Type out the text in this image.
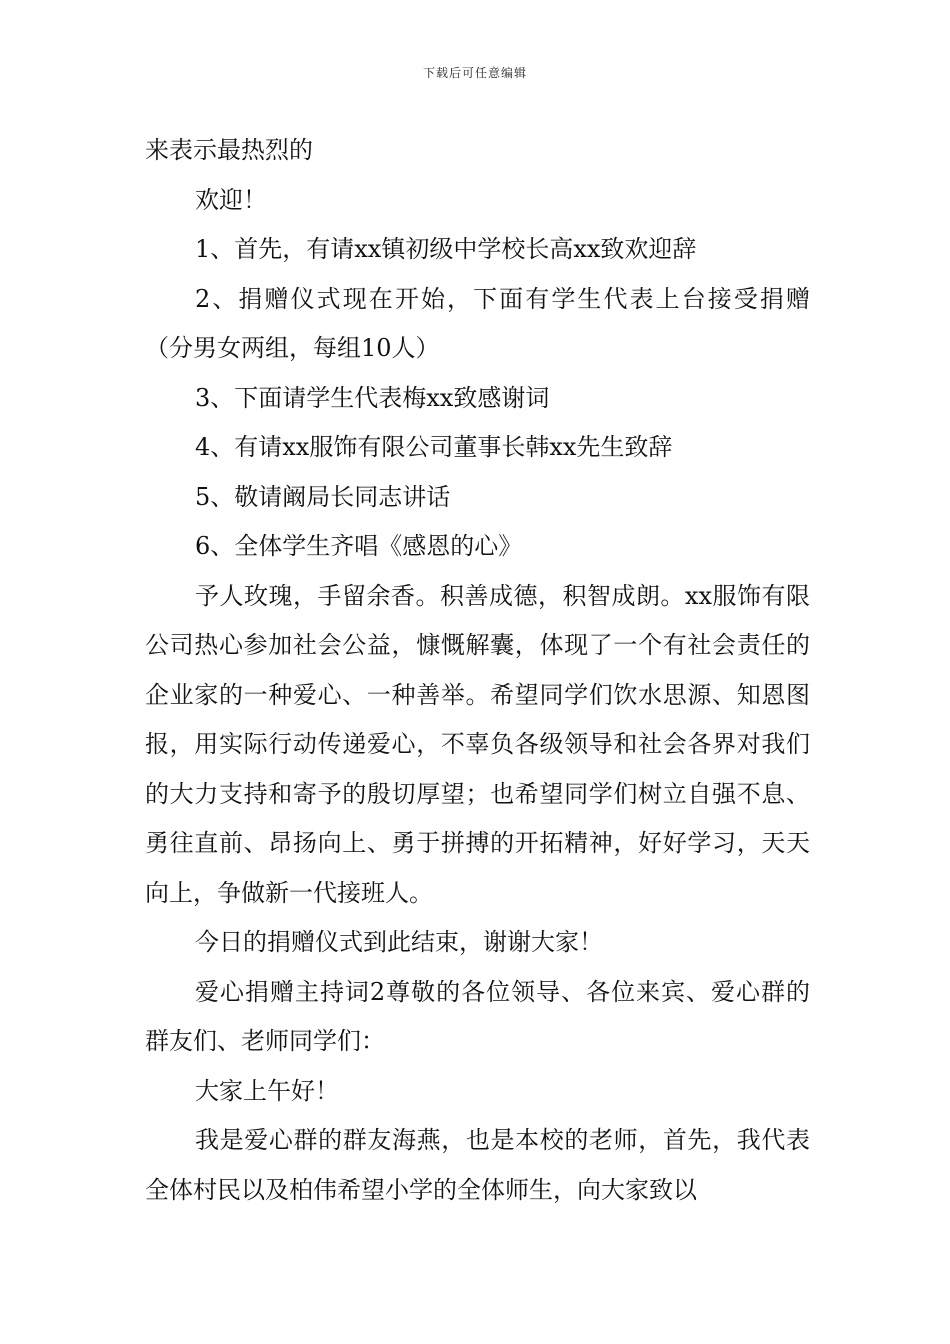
下载后可任意编辑

来表示最热烈的

欢迎！

1、首先，有请xx镇初级中学校长高xx致欢迎辞

2、捐赠仪式现在开始，下面有学生代表上台接受捐赠（分男女两组，每组10人）

3、下面请学生代表梅xx致感谢词

4、有请xx服饰有限公司董事长韩xx先生致辞

5、敬请阚局长同志讲话

6、全体学生齐唱《感恩的心》

予人玫瑰，手留余香。积善成德，积智成朗。xx服饰有限公司热心参加社会公益，慷慨解囊，体现了一个有社会责任的企业家的一种爱心、一种善举。希望同学们饮水思源、知恩图报，用实际行动传递爱心，不辜负各级领导和社会各界对我们的大力支持和寄予的殷切厚望；也希望同学们树立自强不息、勇往直前、昂扬向上、勇于拼搏的开拓精神，好好学习，天天向上，争做新一代接班人。

今日的捐赠仪式到此结束，谢谢大家！

爱心捐赠主持词2尊敬的各位领导、各位来宾、爱心群的群友们、老师同学们：

大家上午好！

我是爱心群的群友海燕，也是本校的老师，首先，我代表全体村民以及柏伟希望小学的全体师生，向大家致以
